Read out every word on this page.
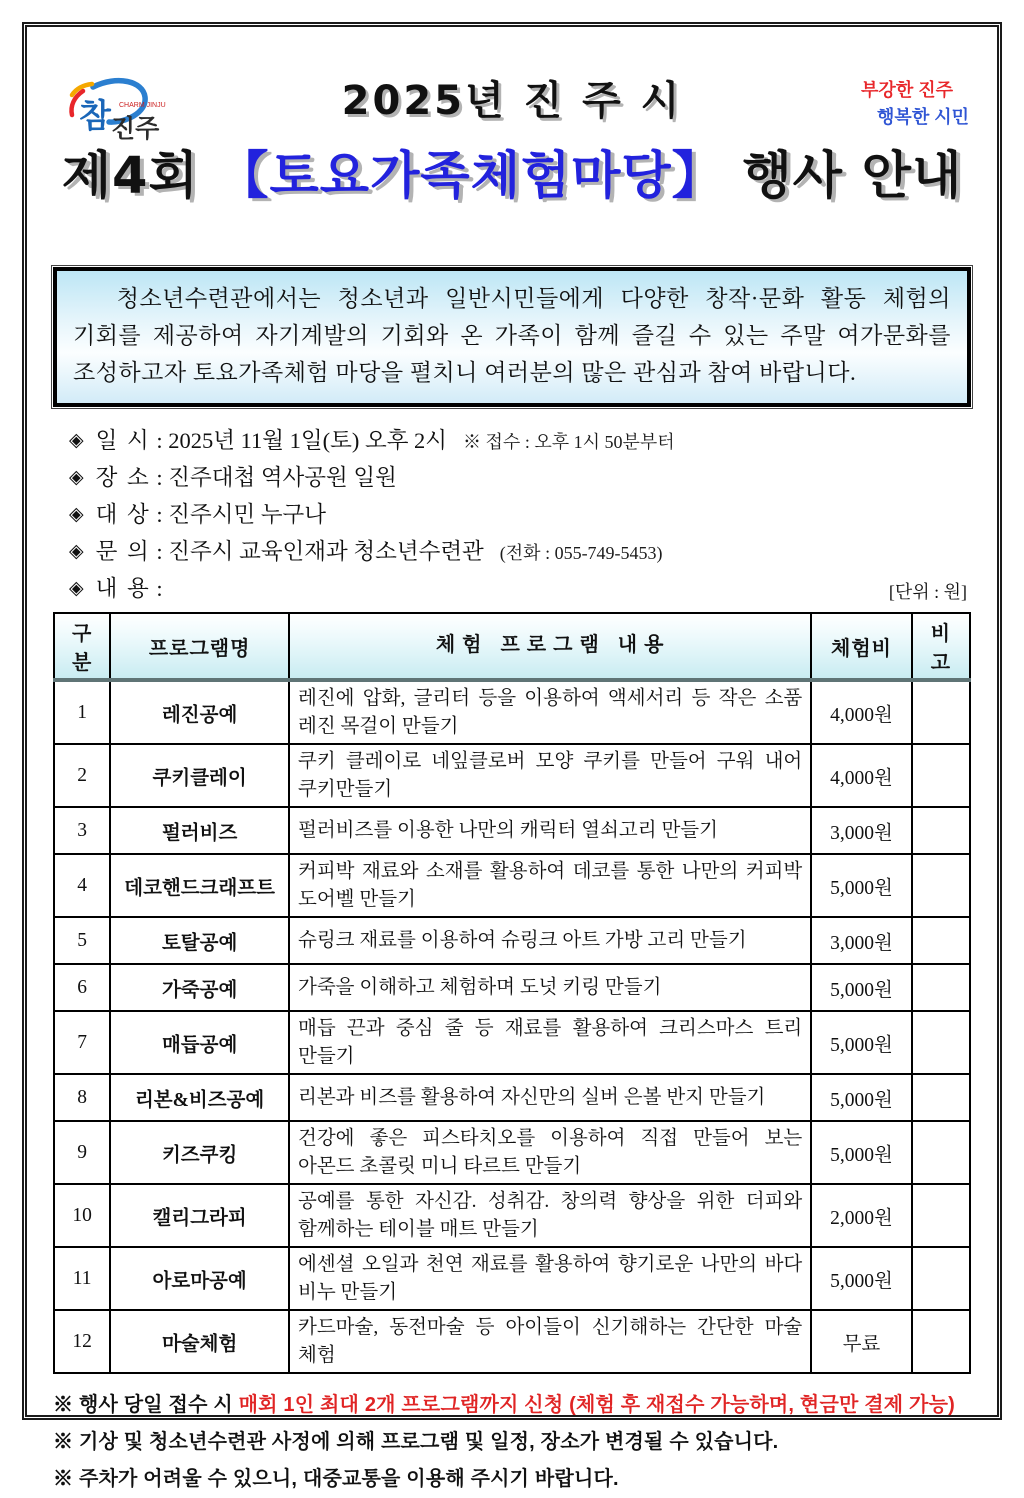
참 진주
CHARM JINJU
부강한 진주
행복한 시민
2025년 진 주 시
제4회 【토요가족체험마당】 행사 안내

청소년수련관에서는 청소년과 일반시민들에게 다양한 창작·문화 활동 체험의 기회를 제공하여 자기계발의 기회와 온 가족이 함께 즐길 수 있는 주말 여가문화를 조성하고자 토요가족체험 마당을 펼치니 여러분의 많은 관심과 참여 바랍니다.

◈ 일 시 : 2025년 11월 1일(토) 오후 2시 ※ 접수 : 오후 1시 50분부터
◈ 장 소 : 진주대첩 역사공원 일원
◈ 대 상 : 진주시민 누구나
◈ 문 의 : 진주시 교육인재과 청소년수련관 (전화 : 055-749-5453)
◈ 내 용 :	[단위 : 원]
구분	프로그램명	체 험   프 로 그 램   내 용	체험비	비고
1	레진공예	레진에 압화, 글리터 등을 이용하여 액세서리 등 작은 소품 레진 목걸이 만들기	4,000원	
2	쿠키클레이	쿠키 클레이로 네잎클로버 모양 쿠키를 만들어 구워 내어 쿠키만들기	4,000원	
3	펄러비즈	펄러비즈를 이용한 나만의 캐릭터 열쇠고리 만들기	3,000원	
4	데코핸드크래프트	커피박 재료와 소재를 활용하여 데코를 통한 나만의 커피박 도어벨 만들기	5,000원	
5	토탈공예	슈링크 재료를 이용하여 슈링크 아트 가방 고리 만들기	3,000원	
6	가죽공예	가죽을 이해하고 체험하며 도넛 키링 만들기	5,000원	
7	매듭공예	매듭 끈과 중심 줄 등 재료를 활용하여 크리스마스 트리 만들기	5,000원	
8	리본&비즈공예	리본과 비즈를 활용하여 자신만의 실버 은볼 반지 만들기	5,000원	
9	키즈쿠킹	건강에 좋은 피스타치오를 이용하여 직접 만들어 보는 아몬드 초콜릿 미니 타르트 만들기	5,000원	
10	캘리그라피	공예를 통한 자신감. 성취감. 창의력 향상을 위한 더피와 함께하는 테이블 매트 만들기	2,000원	
11	아로마공예	에센셜 오일과 천연 재료를 활용하여 향기로운 나만의 바다 비누 만들기	5,000원	
12	마술체험	카드마술, 동전마술 등 아이들이 신기해하는 간단한 마술 체험	무료	
※ 행사 당일 접수 시 매회 1인 최대 2개 프로그램까지 신청 (체험 후 재접수 가능하며, 현금만 결제 가능)
※ 기상 및 청소년수련관 사정에 의해 프로그램 및 일정, 장소가 변경될 수 있습니다.
※ 주차가 어려울 수 있으니, 대중교통을 이용해 주시기 바랍니다.
